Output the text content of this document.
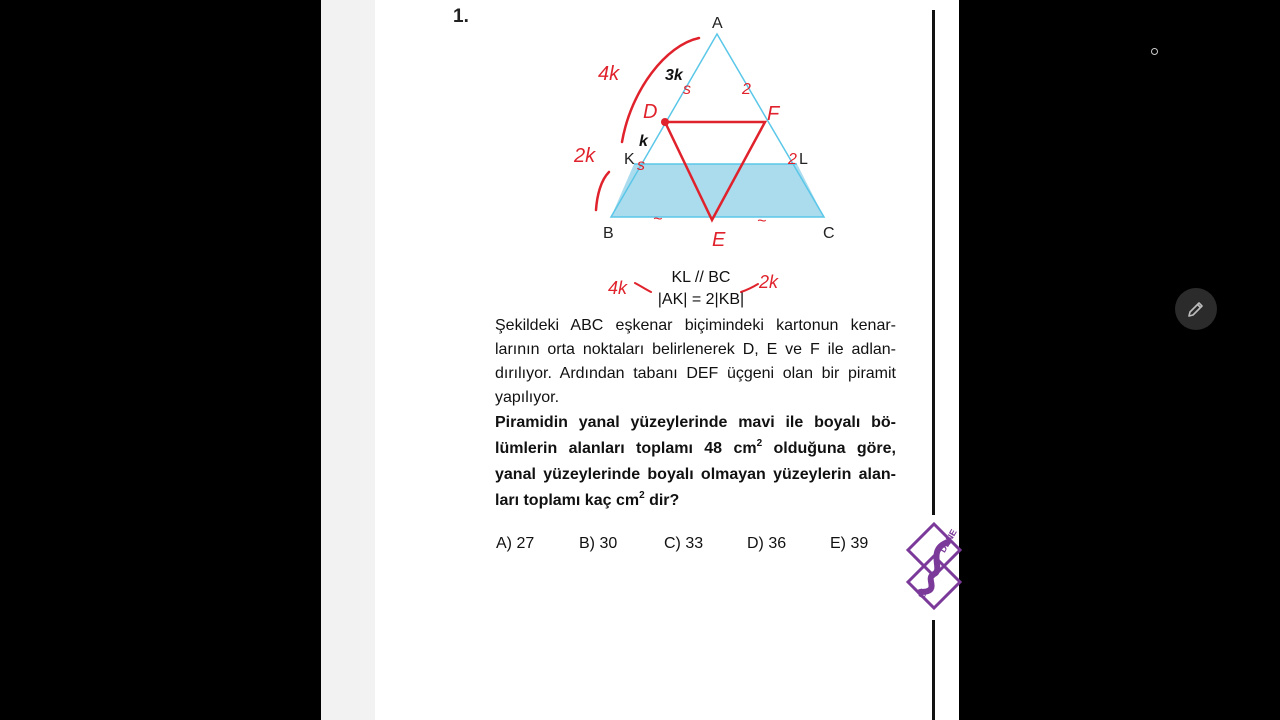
1.	A
B	C
K	L
D	F
E
4k
2k
2
2
s
s
~	~
3k
k
4k	2k
KL // BC
|AK| = 2|KB|
Şekildeki ABC eşkenar biçimindeki kartonun kenar-
larının orta noktaları belirlenerek D, E ve F ile adlan-
dırılıyor. Ardından tabanı DEF üçgeni olan bir piramit
yapılıyor.
Piramidin yanal yüzeylerinde mavi ile boyalı bö-
lümlerin alanları toplamı 48 $cm^2$ olduğuna göre,
yanal yüzeylerinde boyalı olmayan yüzeylerin alan-
ları toplamı kaç $cm^2$ dir?
A) 27	B) 30	C) 33	D) 36	E) 39	DENE
Bİ
